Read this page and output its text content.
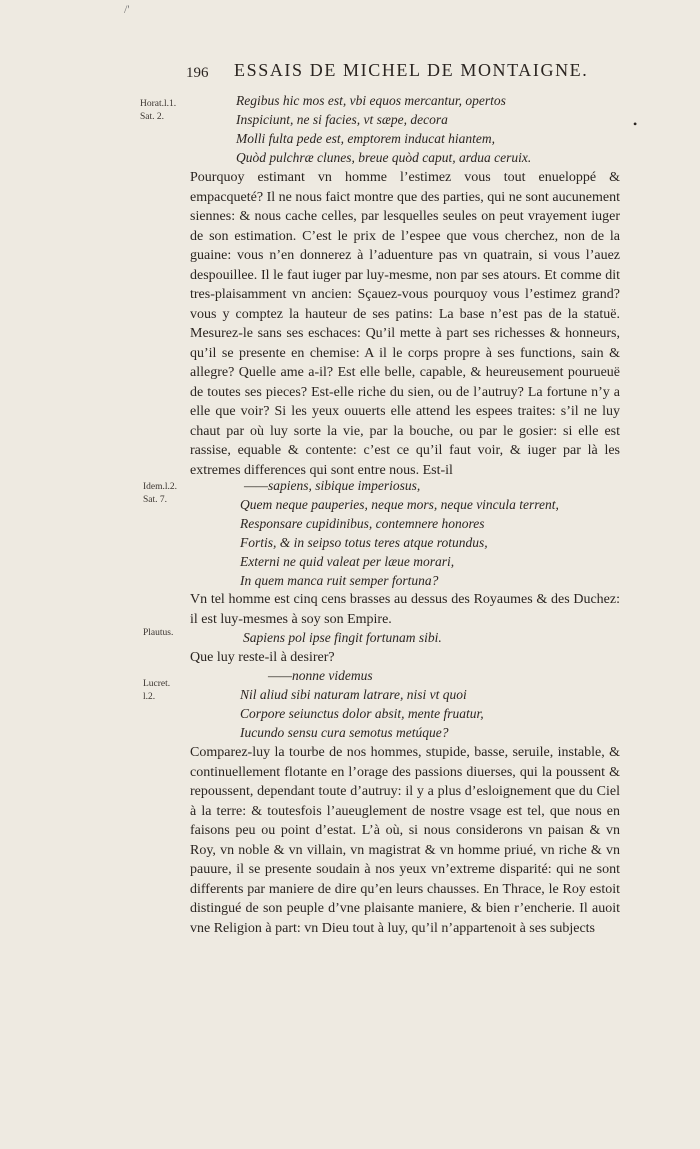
/'
196 ESSAIS DE MICHEL DE MONTAIGNE.
•
Horat.l.1.
Sat. 2.
Idem.l.2.
Sat. 7.
Plautus.
Lucret.
l.2.
Regibus hic mos est, vbi equos mercantur, opertos
Inspiciunt, ne si facies, vt sæpe, decora
Molli fulta pede est, emptorem inducat hiantem,
Quòd pulchræ clunes, breue quòd caput, ardua ceruix.

Pourquoy estimant vn homme l’estimez vous tout enueloppé & empacqueté? Il ne nous faict montre que des parties, qui ne sont aucunement siennes: & nous cache celles, par lesquelles seules on peut vrayement iuger de son estimation. C’est le prix de l’espee que vous cherchez, non de la guaine: vous n’en donnerez à l’aduenture pas vn quatrain, si vous l’auez despouillee. Il le faut iuger par luy-mesme, non par ses atours. Et comme dit tres-plaisamment vn ancien: Sçauez-vous pourquoy vous l’estimez grand? vous y comptez la hauteur de ses patins: La base n’est pas de la statuë. Mesurez-le sans ses eschaces: Qu’il mette à part ses richesses & honneurs, qu’il se presente en chemise: A il le corps propre à ses functions, sain & allegre? Quelle ame a-il? Est elle belle, capable, & heureusement pourueuë de toutes ses pieces? Est-elle riche du sien, ou de l’autruy? La fortune n’y a elle que voir? Si les yeux ouuerts elle attend les espees traites: s’il ne luy chaut par où luy sorte la vie, par la bouche, ou par le gosier: si elle est rassise, equable & contente: c’est ce qu’il faut voir, & iuger par là les extremes differences qui sont entre nous. Est-il

——sapiens, sibique imperiosus,
Quem neque pauperies, neque mors, neque vincula terrent,
Responsare cupidinibus, contemnere honores
Fortis, & in seipso totus teres atque rotundus,
Externi ne quid valeat per læue morari,
In quem manca ruit semper fortuna?

Vn tel homme est cinq cens brasses au dessus des Royaumes & des Duchez: il est luy-mesmes à soy son Empire.

Sapiens pol ipse fingit fortunam sibi.

Que luy reste-il à desirer?

——nonne videmus
Nil aliud sibi naturam latrare, nisi vt quoi
Corpore seiunctus dolor absit, mente fruatur,
Iucundo sensu cura semotus metúque?

Comparez-luy la tourbe de nos hommes, stupide, basse, seruile, instable, & continuellement flotante en l’orage des passions diuerses, qui la poussent & repoussent, dependant toute d’autruy: il y a plus d’esloignement que du Ciel à la terre: & toutesfois l’aueuglement de nostre vsage est tel, que nous en faisons peu ou point d’estat. L’à où, si nous considerons vn paisan & vn Roy, vn noble & vn villain, vn magistrat & vn homme priué, vn riche & vn pauure, il se presente soudain à nos yeux vn’extreme disparité: qui ne sont differents par maniere de dire qu’en leurs chausses. En Thrace, le Roy estoit distingué de son peuple d’vne plaisante maniere, & bien r’encherie. Il auoit vne Religion à part: vn Dieu tout à luy, qu’il n’appartenoit à ses subjects
